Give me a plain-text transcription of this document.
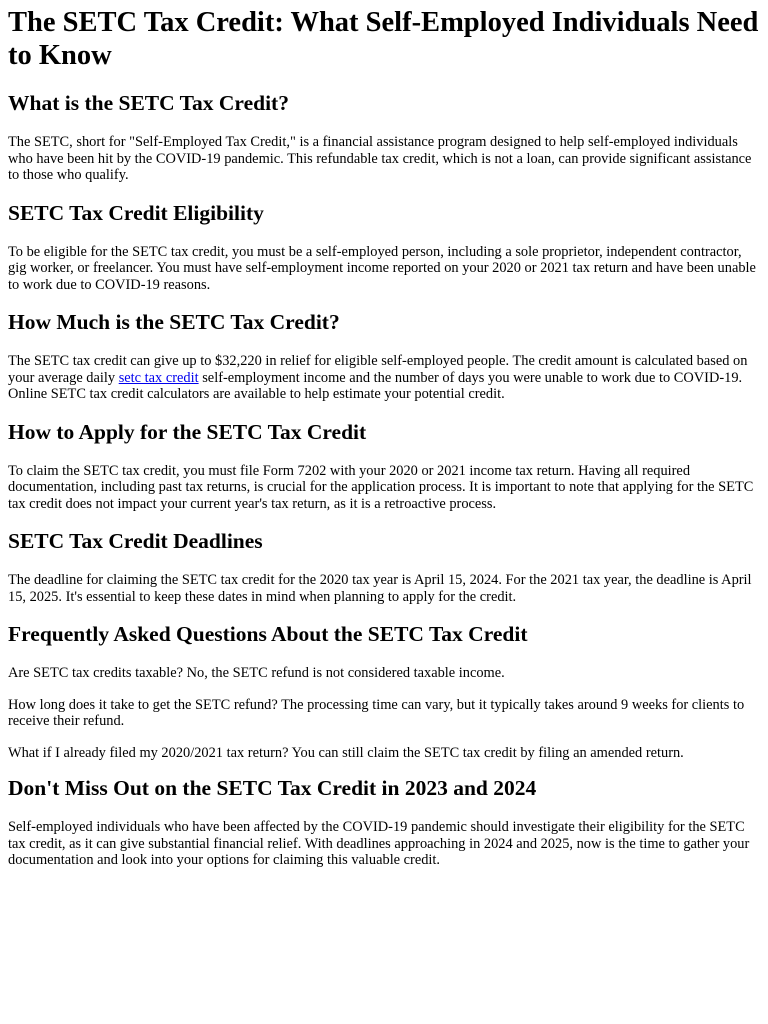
The SETC Tax Credit: What Self-Employed Individuals Need to Know
What is the SETC Tax Credit?

The SETC, short for "Self-Employed Tax Credit," is a financial assistance program designed to help self-employed individuals who have been hit by the COVID-19 pandemic. This refundable tax credit, which is not a loan, can provide significant assistance to those who qualify.

SETC Tax Credit Eligibility

To be eligible for the SETC tax credit, you must be a self-employed person, including a sole proprietor, independent contractor, gig worker, or freelancer. You must have self-employment income reported on your 2020 or 2021 tax return and have been unable to work due to COVID-19 reasons.

How Much is the SETC Tax Credit?

The SETC tax credit can give up to $32,220 in relief for eligible self-employed people. The credit amount is calculated based on your average daily setc tax credit self-employment income and the number of days you were unable to work due to COVID-19. Online SETC tax credit calculators are available to help estimate your potential credit.

How to Apply for the SETC Tax Credit

To claim the SETC tax credit, you must file Form 7202 with your 2020 or 2021 income tax return. Having all required documentation, including past tax returns, is crucial for the application process. It is important to note that applying for the SETC tax credit does not impact your current year's tax return, as it is a retroactive process.

SETC Tax Credit Deadlines

The deadline for claiming the SETC tax credit for the 2020 tax year is April 15, 2024. For the 2021 tax year, the deadline is April 15, 2025. It's essential to keep these dates in mind when planning to apply for the credit.

Frequently Asked Questions About the SETC Tax Credit

Are SETC tax credits taxable? No, the SETC refund is not considered taxable income.

How long does it take to get the SETC refund? The processing time can vary, but it typically takes around 9 weeks for clients to receive their refund.

What if I already filed my 2020/2021 tax return? You can still claim the SETC tax credit by filing an amended return.

Don't Miss Out on the SETC Tax Credit in 2023 and 2024

Self-employed individuals who have been affected by the COVID-19 pandemic should investigate their eligibility for the SETC tax credit, as it can give substantial financial relief. With deadlines approaching in 2024 and 2025, now is the time to gather your documentation and look into your options for claiming this valuable credit.
